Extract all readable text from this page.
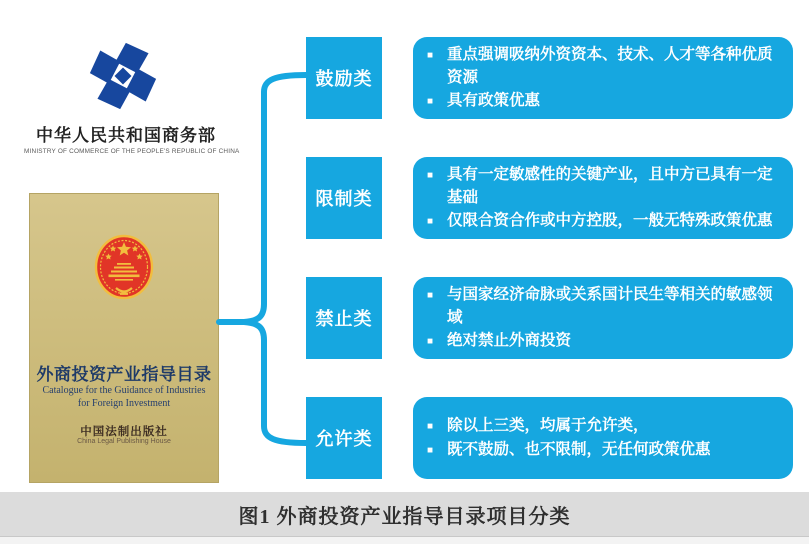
中华人民共和国商务部
MINISTRY OF COMMERCE OF THE PEOPLE'S REPUBLIC OF CHINA
外商投资产业指导目录
Catalogue for the Guidance of Industries
for Foreign Investment
中国法制出版社
China Legal Publishing House
鼓励类
■ 重点强调吸纳外资资本、技术、人才等各种优质资源
■ 具有政策优惠
限制类
■ 具有一定敏感性的关键产业，且中方已具有一定基础
■ 仅限合资合作或中方控股，一般无特殊政策优惠
禁止类
■ 与国家经济命脉或关系国计民生等相关的敏感领域
■ 绝对禁止外商投资
允许类
■ 除以上三类，均属于允许类，
■ 既不鼓励、也不限制，无任何政策优惠
图1 外商投资产业指导目录项目分类
